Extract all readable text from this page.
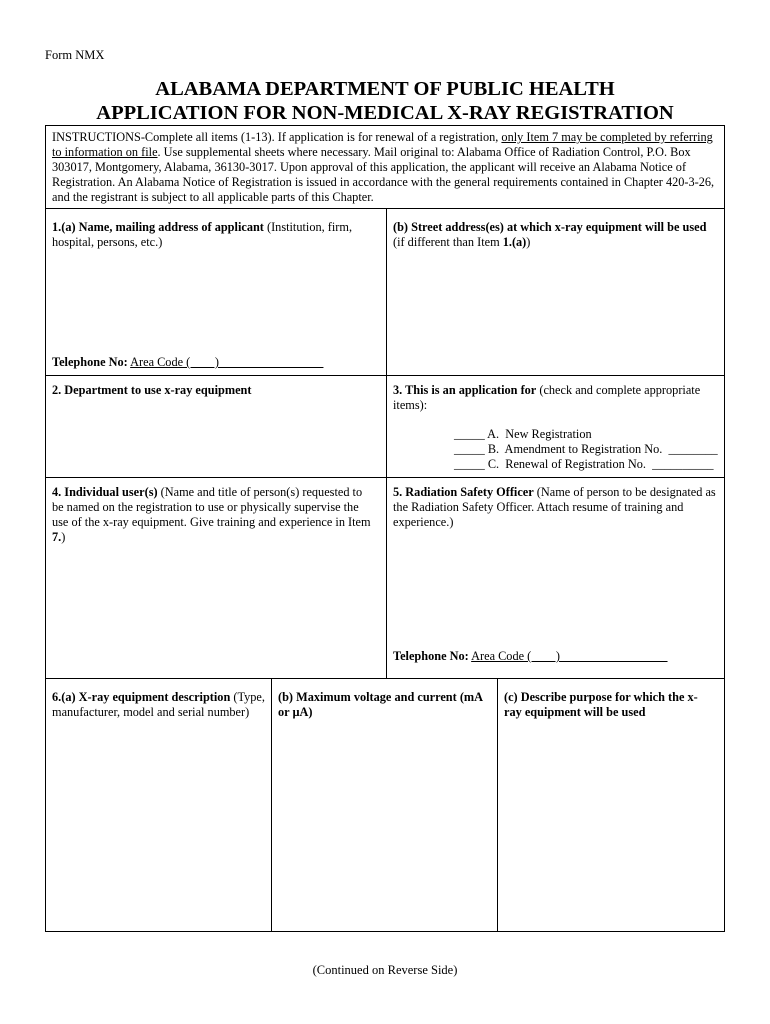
Form NMX
ALABAMA DEPARTMENT OF PUBLIC HEALTH
APPLICATION FOR NON-MEDICAL X-RAY REGISTRATION
INSTRUCTIONS-Complete all items (1-13). If application is for renewal of a registration, only Item 7 may be completed by referring to information on file. Use supplemental sheets where necessary. Mail original to: Alabama Office of Radiation Control, P.O. Box 303017, Montgomery, Alabama, 36130-3017. Upon approval of this application, the applicant will receive an Alabama Notice of Registration. An Alabama Notice of Registration is issued in accordance with the general requirements contained in Chapter 420-3-26, and the registrant is subject to all applicable parts of this Chapter.
1.(a) Name, mailing address of applicant (Institution, firm, hospital, persons, etc.)
Telephone No: Area Code (        )
(b) Street address(es) at which x-ray equipment will be used
(if different than Item 1.(a))
2. Department to use x-ray equipment	3. This is an application for (check and complete appropriate items):
_____ A.  New Registration
_____ B.  Amendment to Registration No.  ________
_____ C.  Renewal of Registration No.  __________
4. Individual user(s) (Name and title of person(s) requested to be named on the registration to use or physically supervise the use of the x-ray equipment. Give training and experience in Item 7.)
5. Radiation Safety Officer (Name of person to be designated as the Radiation Safety Officer. Attach resume of training and experience.)
Telephone No: Area Code (        )
6.(a) X-ray equipment description (Type, manufacturer, model and serial number)
(b) Maximum voltage and current (mA or µA)
(c) Describe purpose for which the x-ray equipment will be used
(Continued on Reverse Side)
